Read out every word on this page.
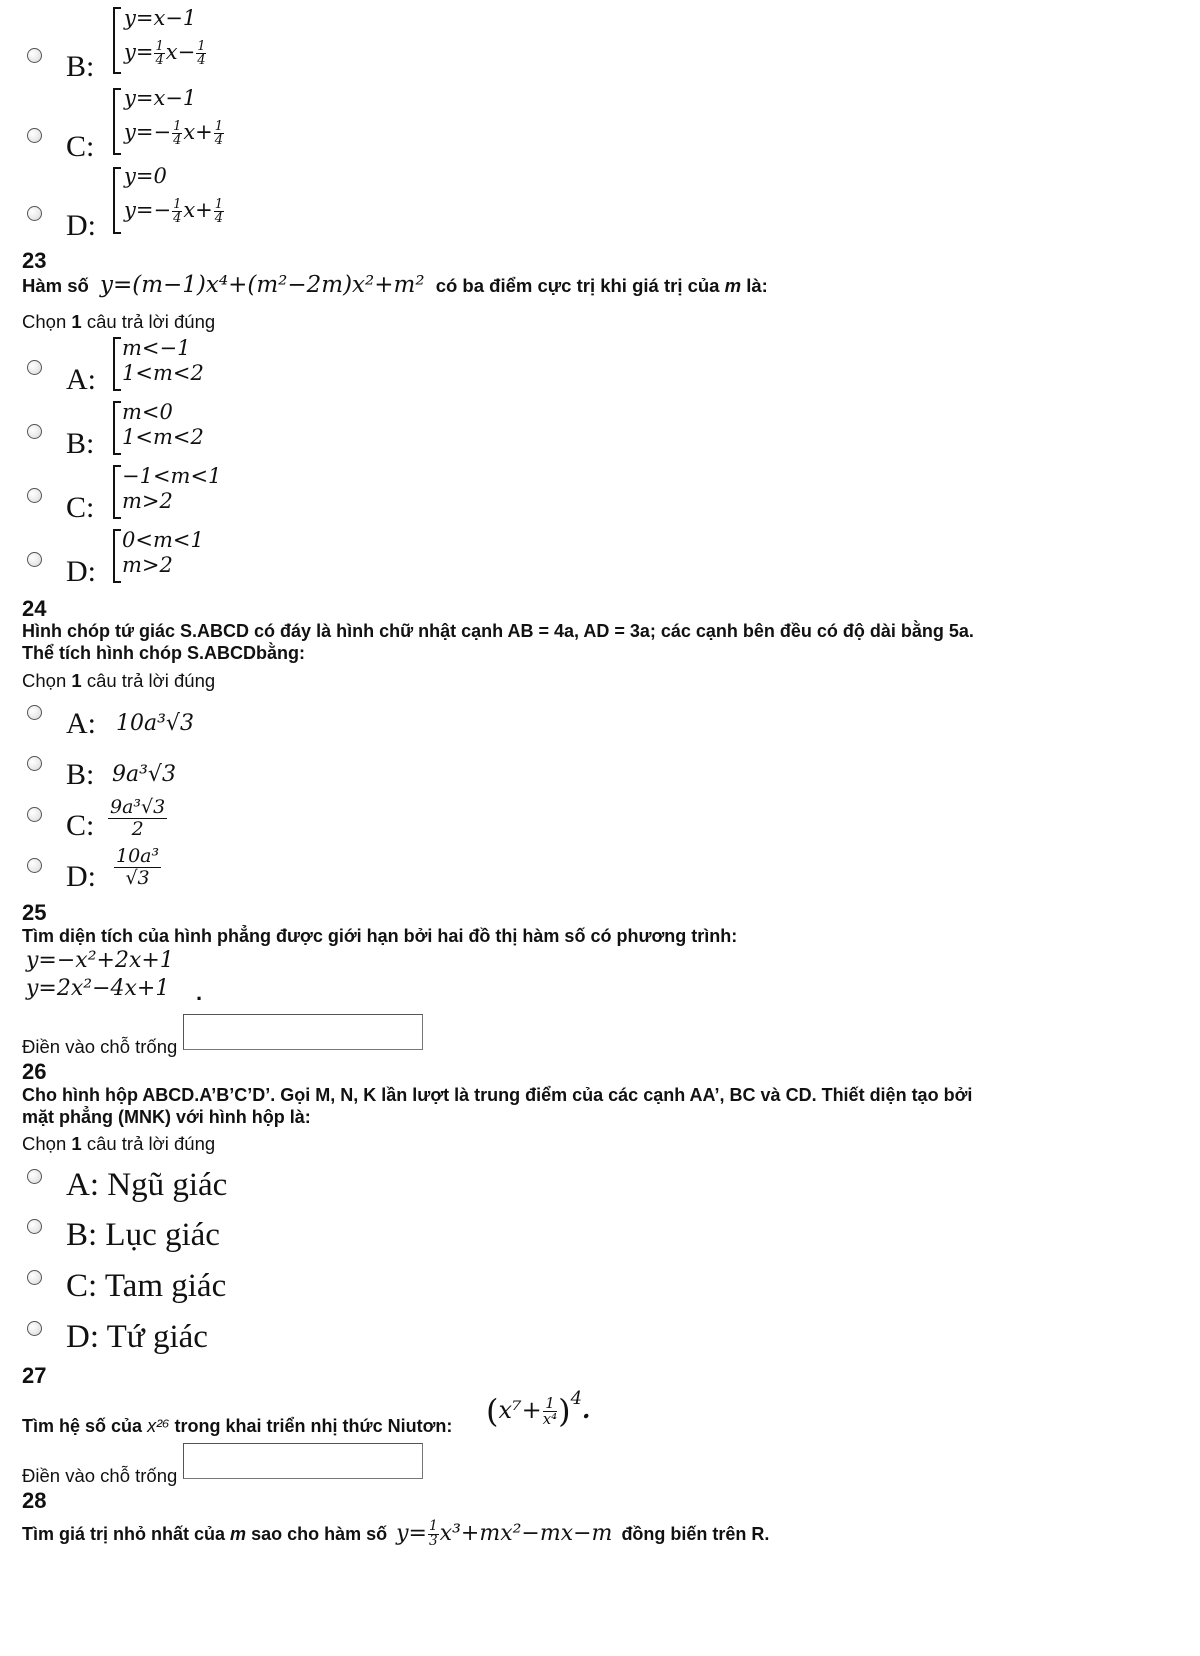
B:
y=x−1
$y= \frac{1}{4} x- \frac{1}{4}$
C:
y=x−1
$y=- \frac{1}{4} x+ \frac{1}{4}$
D:
y=0
$y=- \frac{1}{4} x+ \frac{1}{4}$
23
Hàm số y=(m−1)x⁴+(m²−2m)x²+m² có ba điểm cực trị khi giá trị của m là:
Chọn 1 câu trả lời đúng
A:
m<−1
1<m<2
B:
m<0
1<m<2
C:
−1<m<1
m>2
D:
0<m<1
m>2
24
Hình chóp tứ giác S.ABCD có đáy là hình chữ nhật cạnh AB = 4a, AD = 3a; các cạnh bên đều có độ dài bằng 5a.
Thể tích hình chóp S.ABCDbằng:
Chọn 1 câu trả lời đúng
A: 10a³√3
B: 9a³√3
C:
9a³√3
2
D:
10a³
√3
25
Tìm diện tích của hình phẳng được giới hạn bởi hai đồ thị hàm số có phương trình:
y=−x²+2x+1
y=2x²−4x+1 .
Điền vào chỗ trống
26
Cho hình hộp ABCD.A’B’C’D’. Gọi M, N, K lần lượt là trung điểm của các cạnh AA’, BC và CD. Thiết diện tạo bởi
mặt phẳng (MNK) với hình hộp là:
Chọn 1 câu trả lời đúng
A: Ngũ giác
B: Lục giác
C: Tam giác
D: Tứ giác
27
Tìm hệ số của x²⁶ trong khai triển nhị thức Niutơn: $(x^7+ \frac{1}{\text{x⁴}} )^4$.
Điền vào chỗ trống
28
Tìm giá trị nhỏ nhất của m sao cho hàm số $y= \frac{1}{3} x^3+mx^2-mx-m$ đồng biến trên R.
